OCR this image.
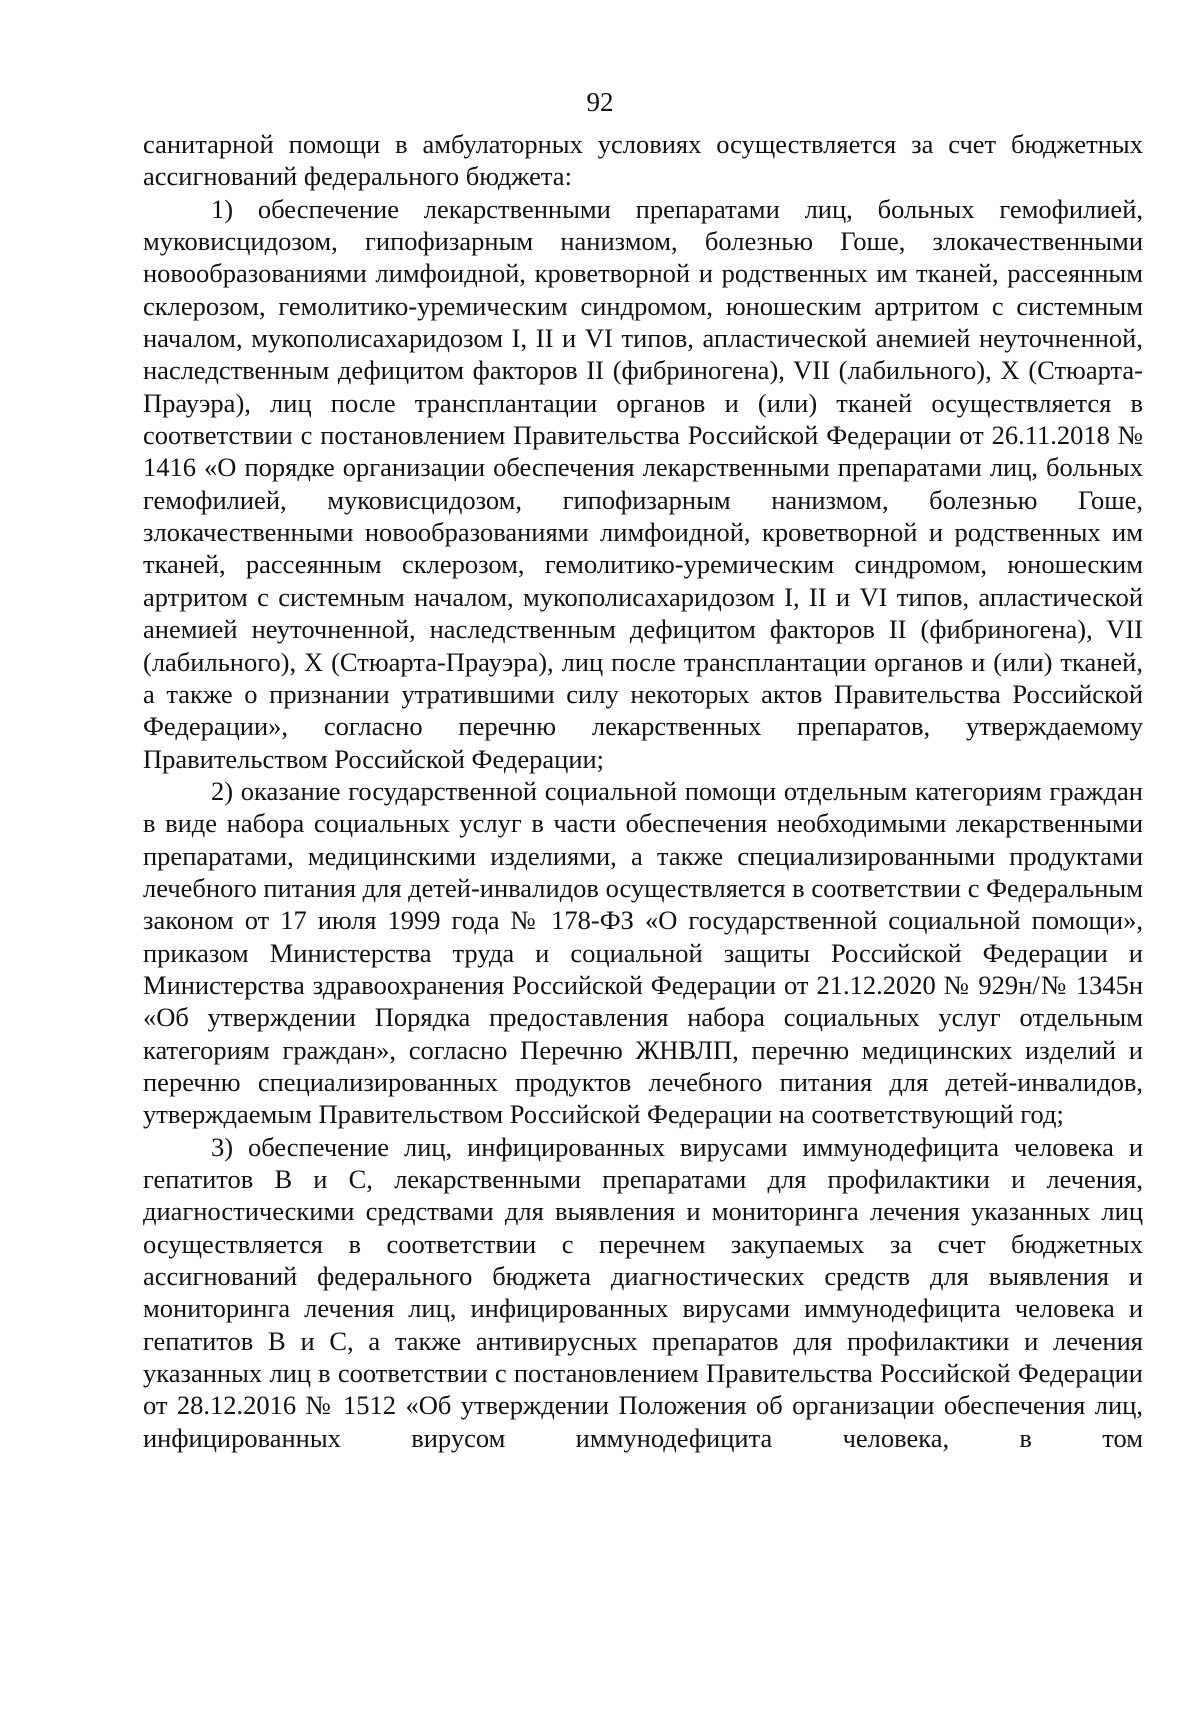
92

санитарной помощи в амбулаторных условиях осуществляется за счет бюджетных ассигнований федерального бюджета:

1) обеспечение лекарственными препаратами лиц, больных гемофилией, муковисцидозом, гипофизарным нанизмом, болезнью Гоше, злокачественными новообразованиями лимфоидной, кроветворной и родственных им тканей, рассеянным склерозом, гемолитико-уремическим синдромом, юношеским артритом с системным началом, мукополисахаридозом I, II и VI типов, апластической анемией неуточненной, наследственным дефицитом факторов II (фибриногена), VII (лабильного), X (Стюарта-Прауэра), лиц после трансплантации органов и (или) тканей осуществляется в соответствии с постановлением Правительства Российской Федерации от 26.11.2018 № 1416 «О порядке организации обеспечения лекарственными препаратами лиц, больных гемофилией, муковисцидозом, гипофизарным нанизмом, болезнью Гоше, злокачественными новообразованиями лимфоидной, кроветворной и родственных им тканей, рассеянным склерозом, гемолитико-уремическим синдромом, юношеским артритом с системным началом, мукополисахаридозом I, II и VI типов, апластической анемией неуточненной, наследственным дефицитом факторов II (фибриногена), VII (лабильного), X (Стюарта-Прауэра), лиц после трансплантации органов и (или) тканей, а также о признании утратившими силу некоторых актов Правительства Российской Федерации», согласно перечню лекарственных препаратов, утверждаемому Правительством Российской Федерации;

2) оказание государственной социальной помощи отдельным категориям граждан в виде набора социальных услуг в части обеспечения необходимыми лекарственными препаратами, медицинскими изделиями, а также специализированными продуктами лечебного питания для детей-инвалидов осуществляется в соответствии с Федеральным законом от 17 июля 1999 года № 178-ФЗ «О государственной социальной помощи», приказом Министерства труда и социальной защиты Российской Федерации и Министерства здравоохранения Российской Федерации от 21.12.2020 № 929н/№ 1345н «Об утверждении Порядка предоставления набора социальных услуг отдельным категориям граждан», согласно Перечню ЖНВЛП, перечню медицинских изделий и перечню специализированных продуктов лечебного питания для детей-инвалидов, утверждаемым Правительством Российской Федерации на соответствующий год;

3) обеспечение лиц, инфицированных вирусами иммунодефицита человека и гепатитов B и C, лекарственными препаратами для профилактики и лечения, диагностическими средствами для выявления и мониторинга лечения указанных лиц осуществляется в соответствии с перечнем закупаемых за счет бюджетных ассигнований федерального бюджета диагностических средств для выявления и мониторинга лечения лиц, инфицированных вирусами иммунодефицита человека и гепатитов B и C, а также антивирусных препаратов для профилактики и лечения указанных лиц в соответствии с постановлением Правительства Российской Федерации от 28.12.2016 № 1512 «Об утверждении Положения об организации обеспечения лиц, инфицированных вирусом иммунодефицита человека, в том
